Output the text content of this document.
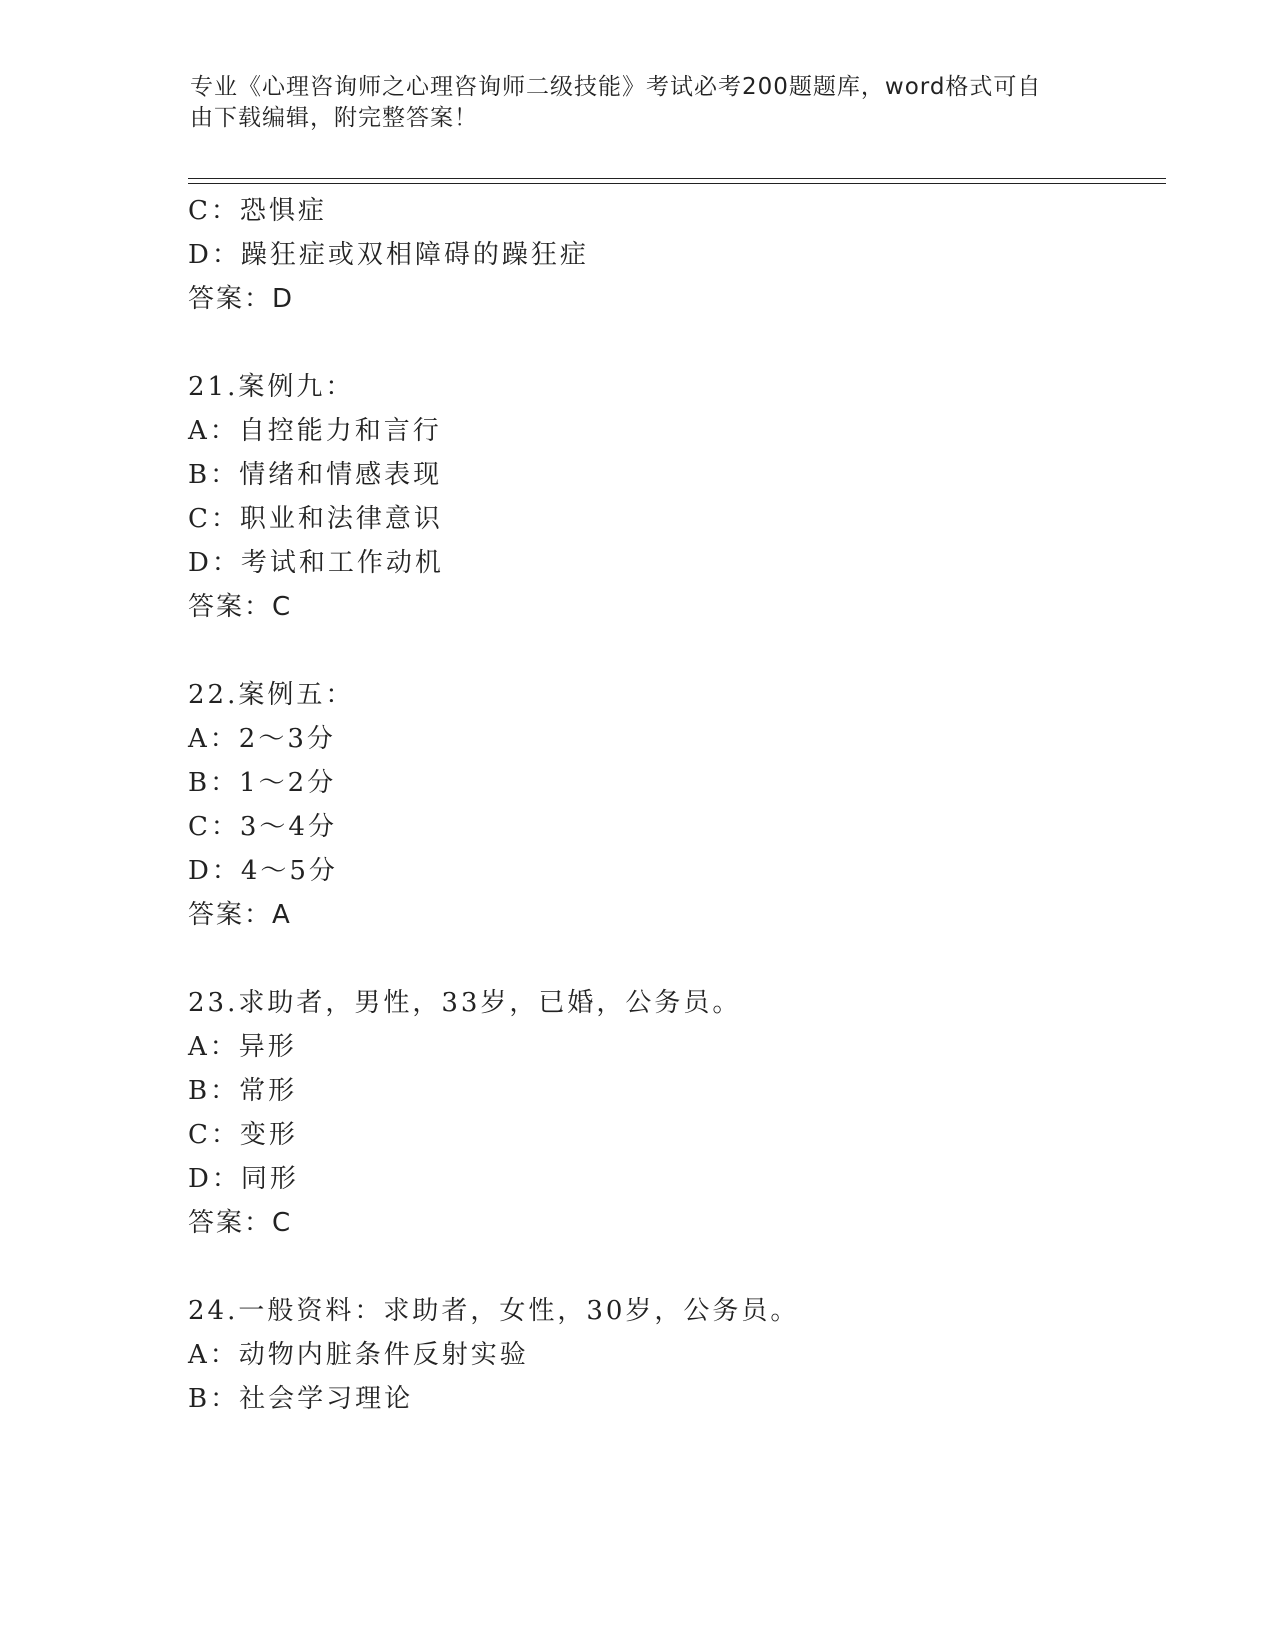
专业《心理咨询师之心理咨询师二级技能》考试必考200题题库，word格式可自
由下载编辑，附完整答案！
C：恐惧症
D：躁狂症或双相障碍的躁狂症
答案：D
21.案例九：
A：自控能力和言行
B：情绪和情感表现
C：职业和法律意识
D：考试和工作动机
答案：C
22.案例五：
A：2～3分
B：1～2分
C：3～4分
D：4～5分
答案：A
23.求助者，男性，33岁，已婚，公务员。
A：异形
B：常形
C：变形
D：同形
答案：C
24.一般资料：求助者，女性，30岁，公务员。
A：动物内脏条件反射实验
B：社会学习理论
